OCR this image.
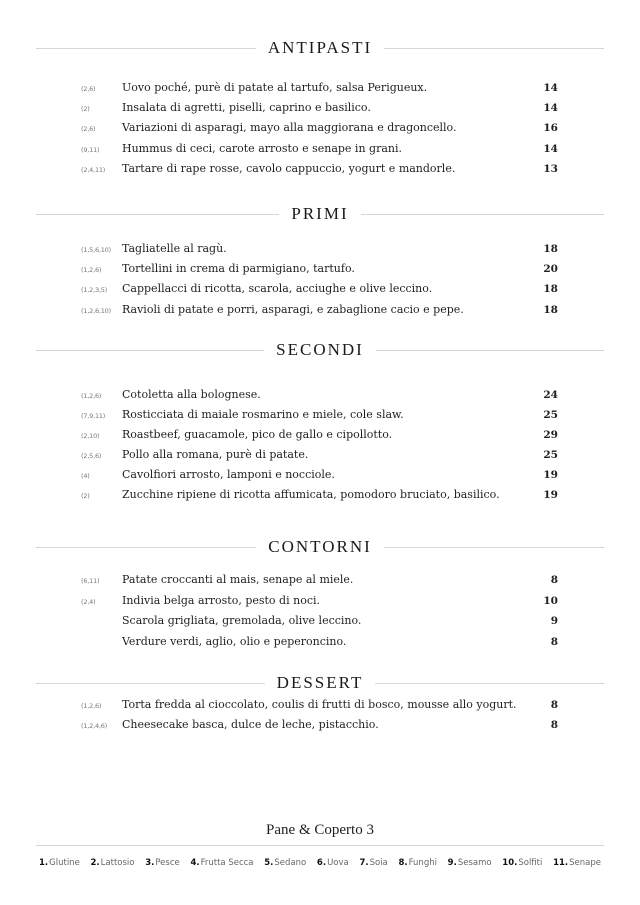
ANTIPASTI
(2,6) Uovo poché, purè di patate al tartufo, salsa Perigueux.	14
(2)	Insalata di agretti, piselli, caprino e basilico.	14
(2,6) Variazioni di asparagi, mayo alla maggiorana e dragoncello.	16
(9,11) Hummus di ceci, carote arrosto e senape in grani.	14
(2,4,11) Tartare di rape rosse, cavolo cappuccio, yogurt e mandorle.	13
PRIMI
(1,5,6,10) Tagliatelle al ragù.	18
(1,2,6) Tortellini in crema di parmigiano, tartufo.	20
(1,2,3,5) Cappellacci di ricotta, scarola, acciughe e olive leccino.	18
(1,2,6,10) Ravioli di patate e porri, asparagi, e zabaglione cacio e pepe.	18
SECONDI
(1,2,6) Cotoletta alla bolognese.	24
(7,9,11) Rosticciata di maiale rosmarino e miele, cole slaw.	25
(2,10) Roastbeef, guacamole, pico de gallo e cipollotto.	29
(2,5,6) Pollo alla romana, purè di patate.	25
(4)	Cavolfiori arrosto, lamponi e nocciole.	19
(2)	Zucchine ripiene di ricotta affumicata, pomodoro bruciato, basilico.	19
CONTORNI
(6,11) Patate croccanti al mais, senape al miele.	8
(2,4) Indivia belga arrosto, pesto di noci.	10
Scarola grigliata, gremolada, olive leccino.	9
Verdure verdi, aglio, olio e peperoncino.	8
DESSERT
(1,2,6) Torta fredda al cioccolato, coulis di frutti di bosco, mousse allo yogurt.	8
(1,2,4,6) Cheesecake basca, dulce de leche, pistacchio.	8
Pane & Coperto 3
1.Glutine 2.Lattosio 3.Pesce 4.Frutta Secca 5.Sedano 6.Uova 7.Soia 8.Funghi 9.Sesamo 10.Solfiti 11.Senape
